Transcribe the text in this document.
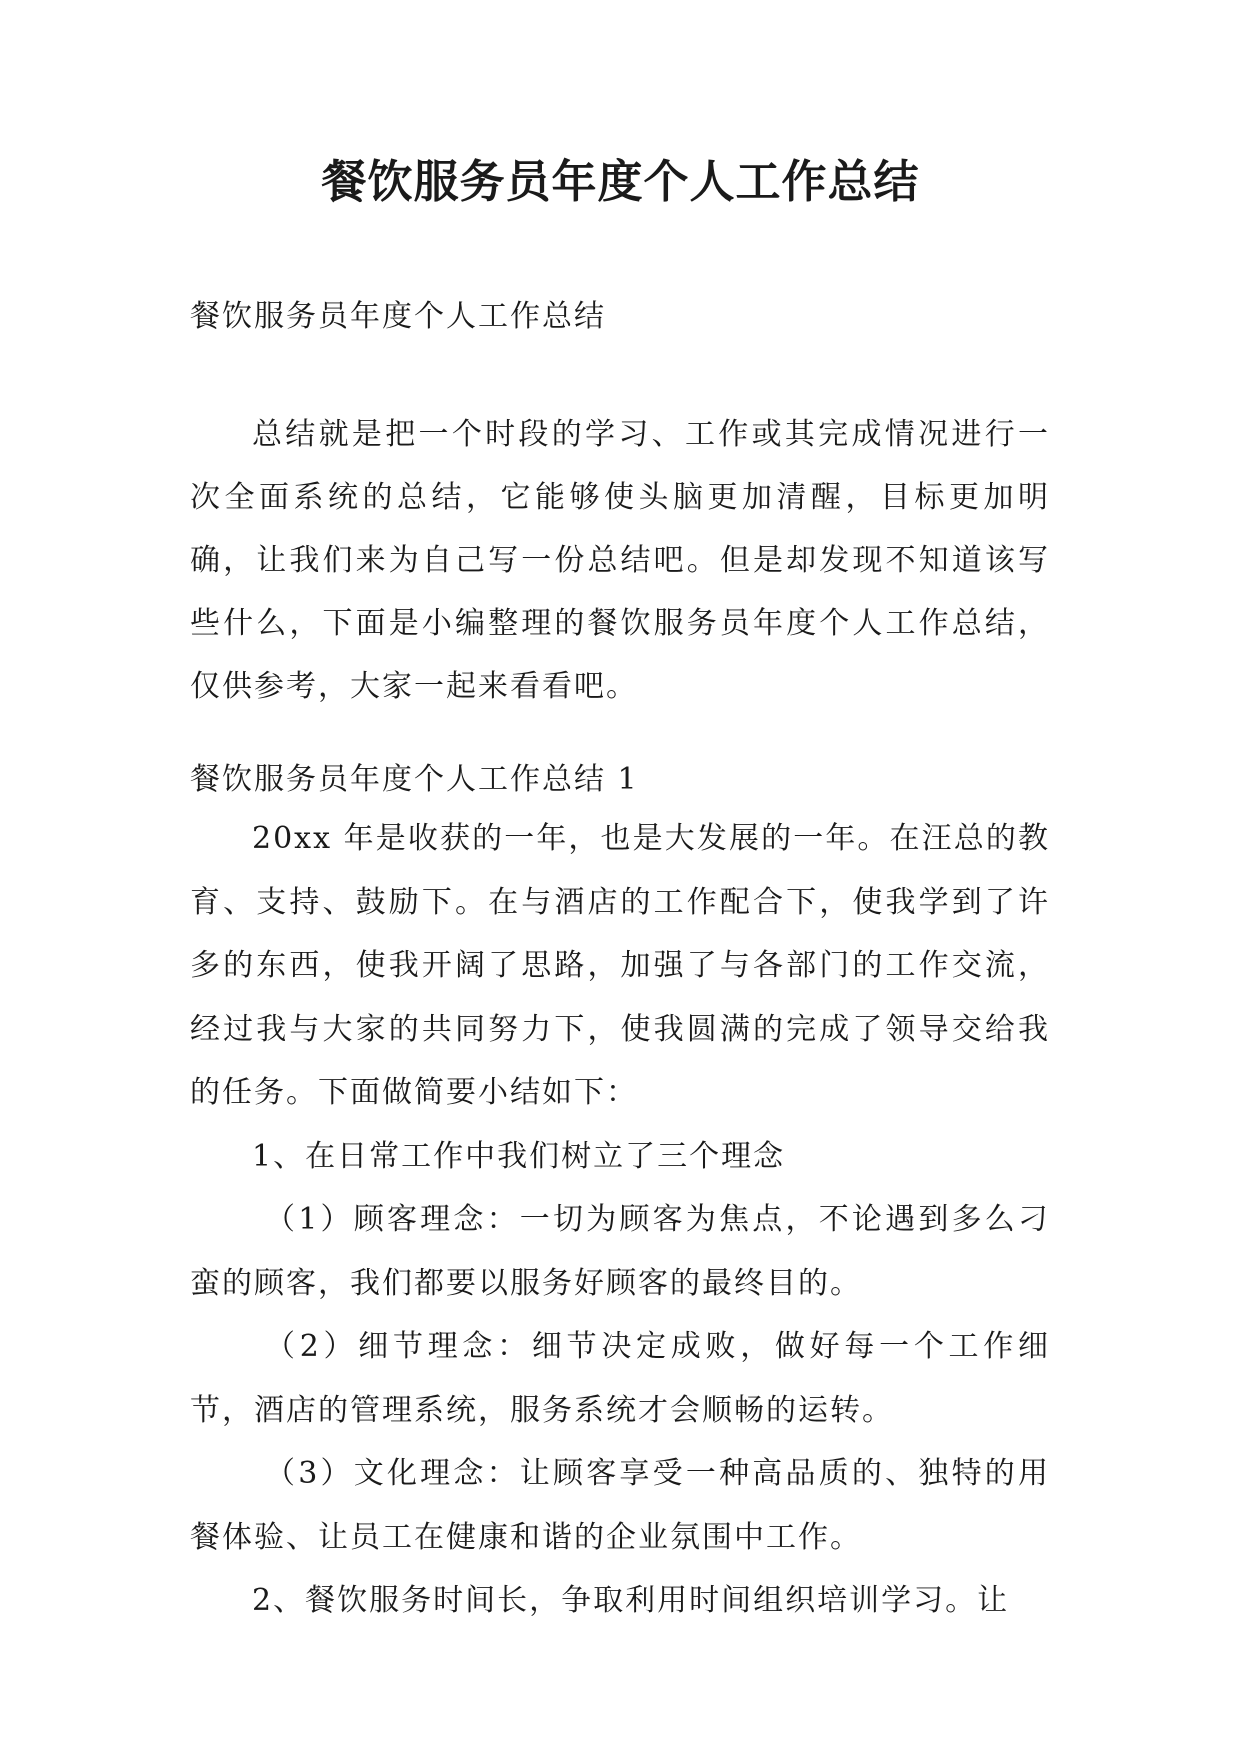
餐饮服务员年度个人工作总结
餐饮服务员年度个人工作总结

总结就是把一个时段的学习、工作或其完成情况进行一次全面系统的总结，它能够使头脑更加清醒，目标更加明确，让我们来为自己写一份总结吧。但是却发现不知道该写些什么，下面是小编整理的餐饮服务员年度个人工作总结，仅供参考，大家一起来看看吧。

餐饮服务员年度个人工作总结 1

20xx 年是收获的一年，也是大发展的一年。在汪总的教育、支持、鼓励下。在与酒店的工作配合下，使我学到了许多的东西，使我开阔了思路，加强了与各部门的工作交流，经过我与大家的共同努力下，使我圆满的完成了领导交给我的任务。下面做简要小结如下：

1、在日常工作中我们树立了三个理念

（1）顾客理念：一切为顾客为焦点，不论遇到多么刁蛮的顾客，我们都要以服务好顾客的最终目的。

（2）细节理念：细节决定成败，做好每一个工作细节，酒店的管理系统，服务系统才会顺畅的运转。

（3）文化理念：让顾客享受一种高品质的、独特的用餐体验、让员工在健康和谐的企业氛围中工作。

2、餐饮服务时间长，争取利用时间组织培训学习。让
